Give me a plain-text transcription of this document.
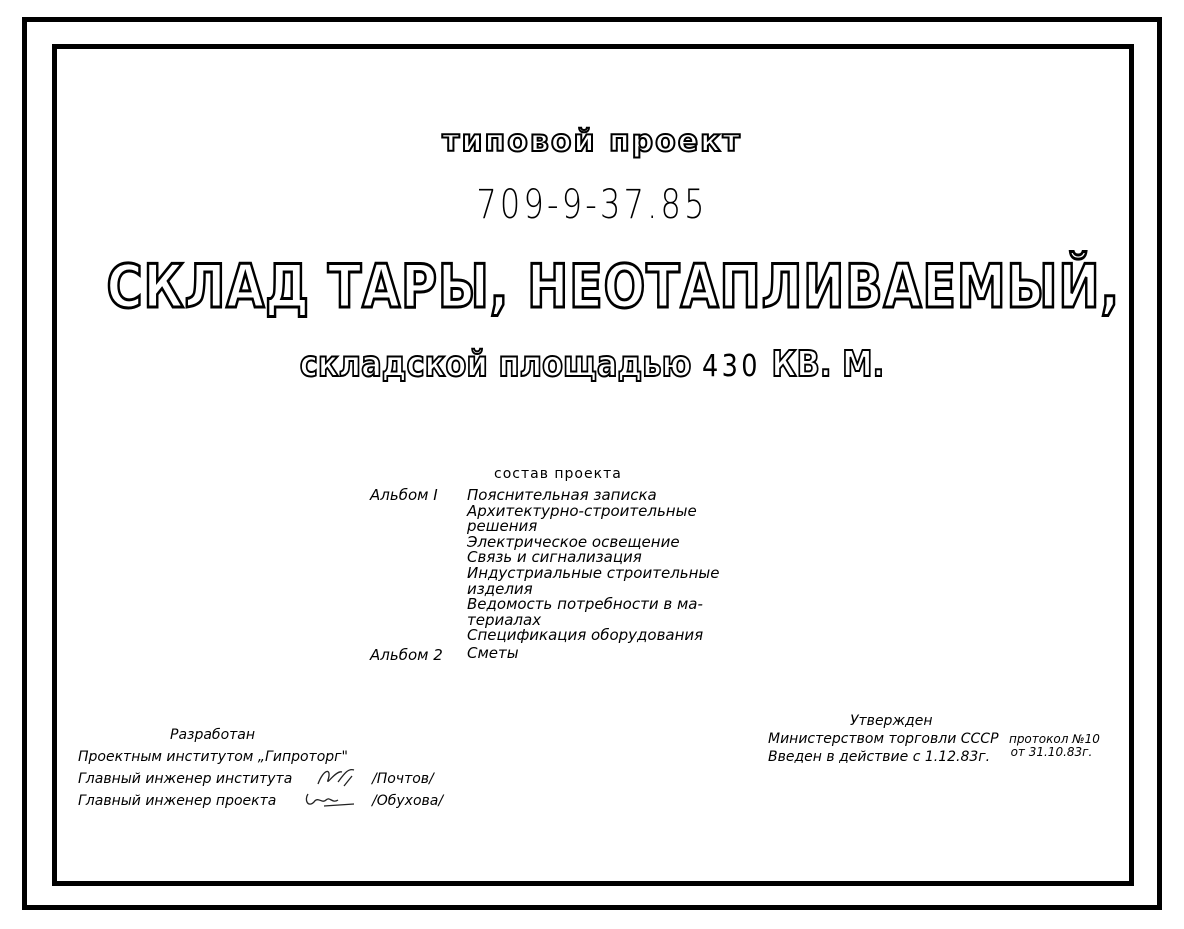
типовой проект
709-9-37.85
СКЛАД ТАРЫ, НЕОТАПЛИВАЕМЫЙ,
складской площадью 430 КВ. М.
состав проекта
Альбом I Пояснительная записка
Архитектурно-строительные
решения
Электрическое освещение
Связь и сигнализация
Индустриальные строительные
изделия
Ведомость потребности в ма-
териалах
Спецификация оборудования
Альбом 2 Сметы
Разработан
Проектным институтом „Гипроторг"
Главный инженер института	/Почтов/
Главный инженер проекта	/Обухова/
Утвержден
Министерством торговли СССР протокол №10
Введен в действие с 1.12.83г. от 31.10.83г.
